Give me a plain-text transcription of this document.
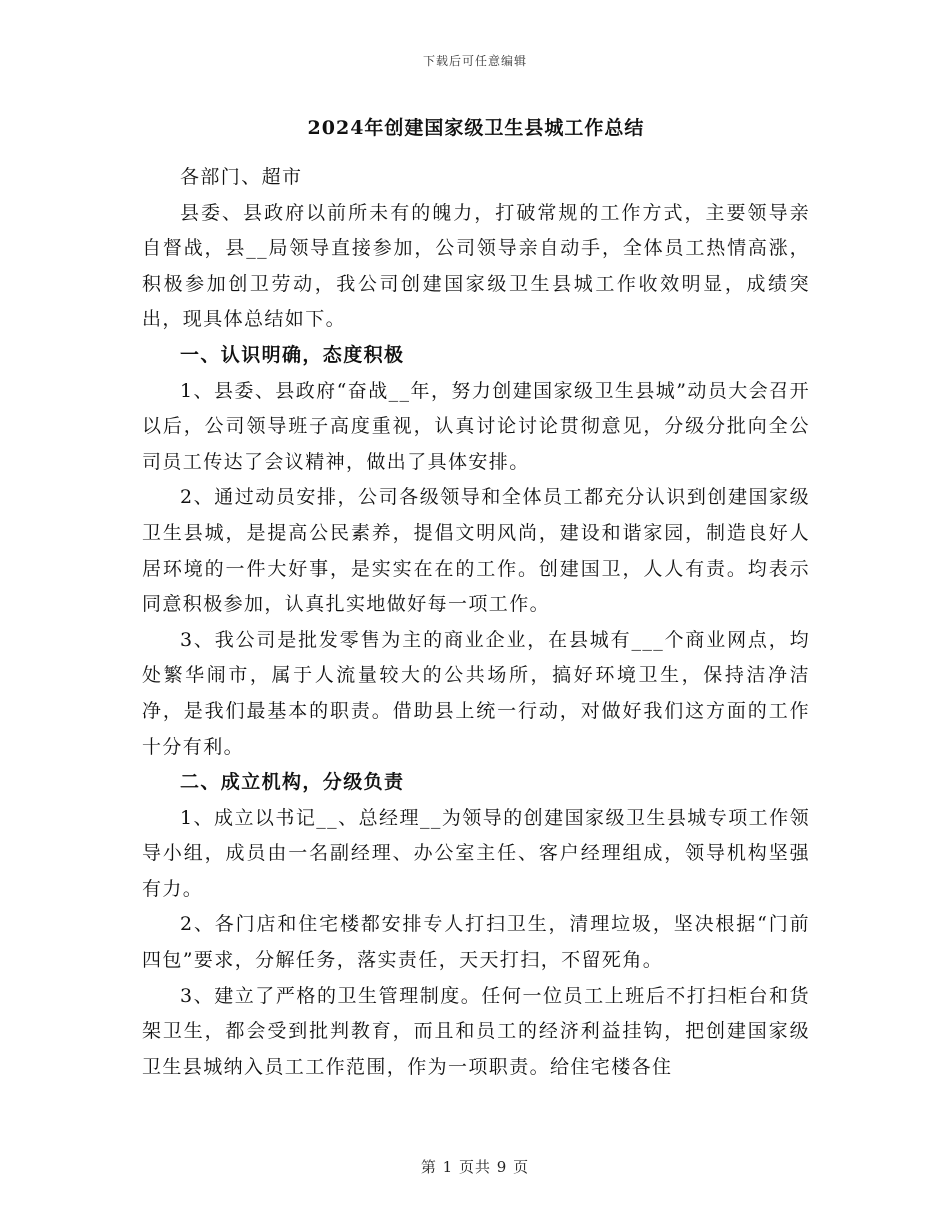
下载后可任意编辑
2024年创建国家级卫生县城工作总结

各部门、超市

县委、县政府以前所未有的魄力，打破常规的工作方式，主要领导亲自督战，县__局领导直接参加，公司领导亲自动手，全体员工热情高涨，积极参加创卫劳动，我公司创建国家级卫生县城工作收效明显，成绩突出，现具体总结如下。

一、认识明确，态度积极

1、县委、县政府“奋战__年，努力创建国家级卫生县城”动员大会召开以后，公司领导班子高度重视，认真讨论讨论贯彻意见，分级分批向全公司员工传达了会议精神，做出了具体安排。

2、通过动员安排，公司各级领导和全体员工都充分认识到创建国家级卫生县城，是提高公民素养，提倡文明风尚，建设和谐家园，制造良好人居环境的一件大好事，是实实在在的工作。创建国卫，人人有责。均表示同意积极参加，认真扎实地做好每一项工作。

3、我公司是批发零售为主的商业企业，在县城有___个商业网点，均处繁华闹市，属于人流量较大的公共场所，搞好环境卫生，保持洁净洁净，是我们最基本的职责。借助县上统一行动，对做好我们这方面的工作十分有利。

二、成立机构，分级负责

1、成立以书记__、总经理__为领导的创建国家级卫生县城专项工作领导小组，成员由一名副经理、办公室主任、客户经理组成，领导机构坚强有力。

2、各门店和住宅楼都安排专人打扫卫生，清理垃圾，坚决根据“门前四包”要求，分解任务，落实责任，天天打扫，不留死角。

3、建立了严格的卫生管理制度。任何一位员工上班后不打扫柜台和货架卫生，都会受到批判教育，而且和员工的经济利益挂钩，把创建国家级卫生县城纳入员工工作范围，作为一项职责。给住宅楼各住

第 1 页共 9 页
